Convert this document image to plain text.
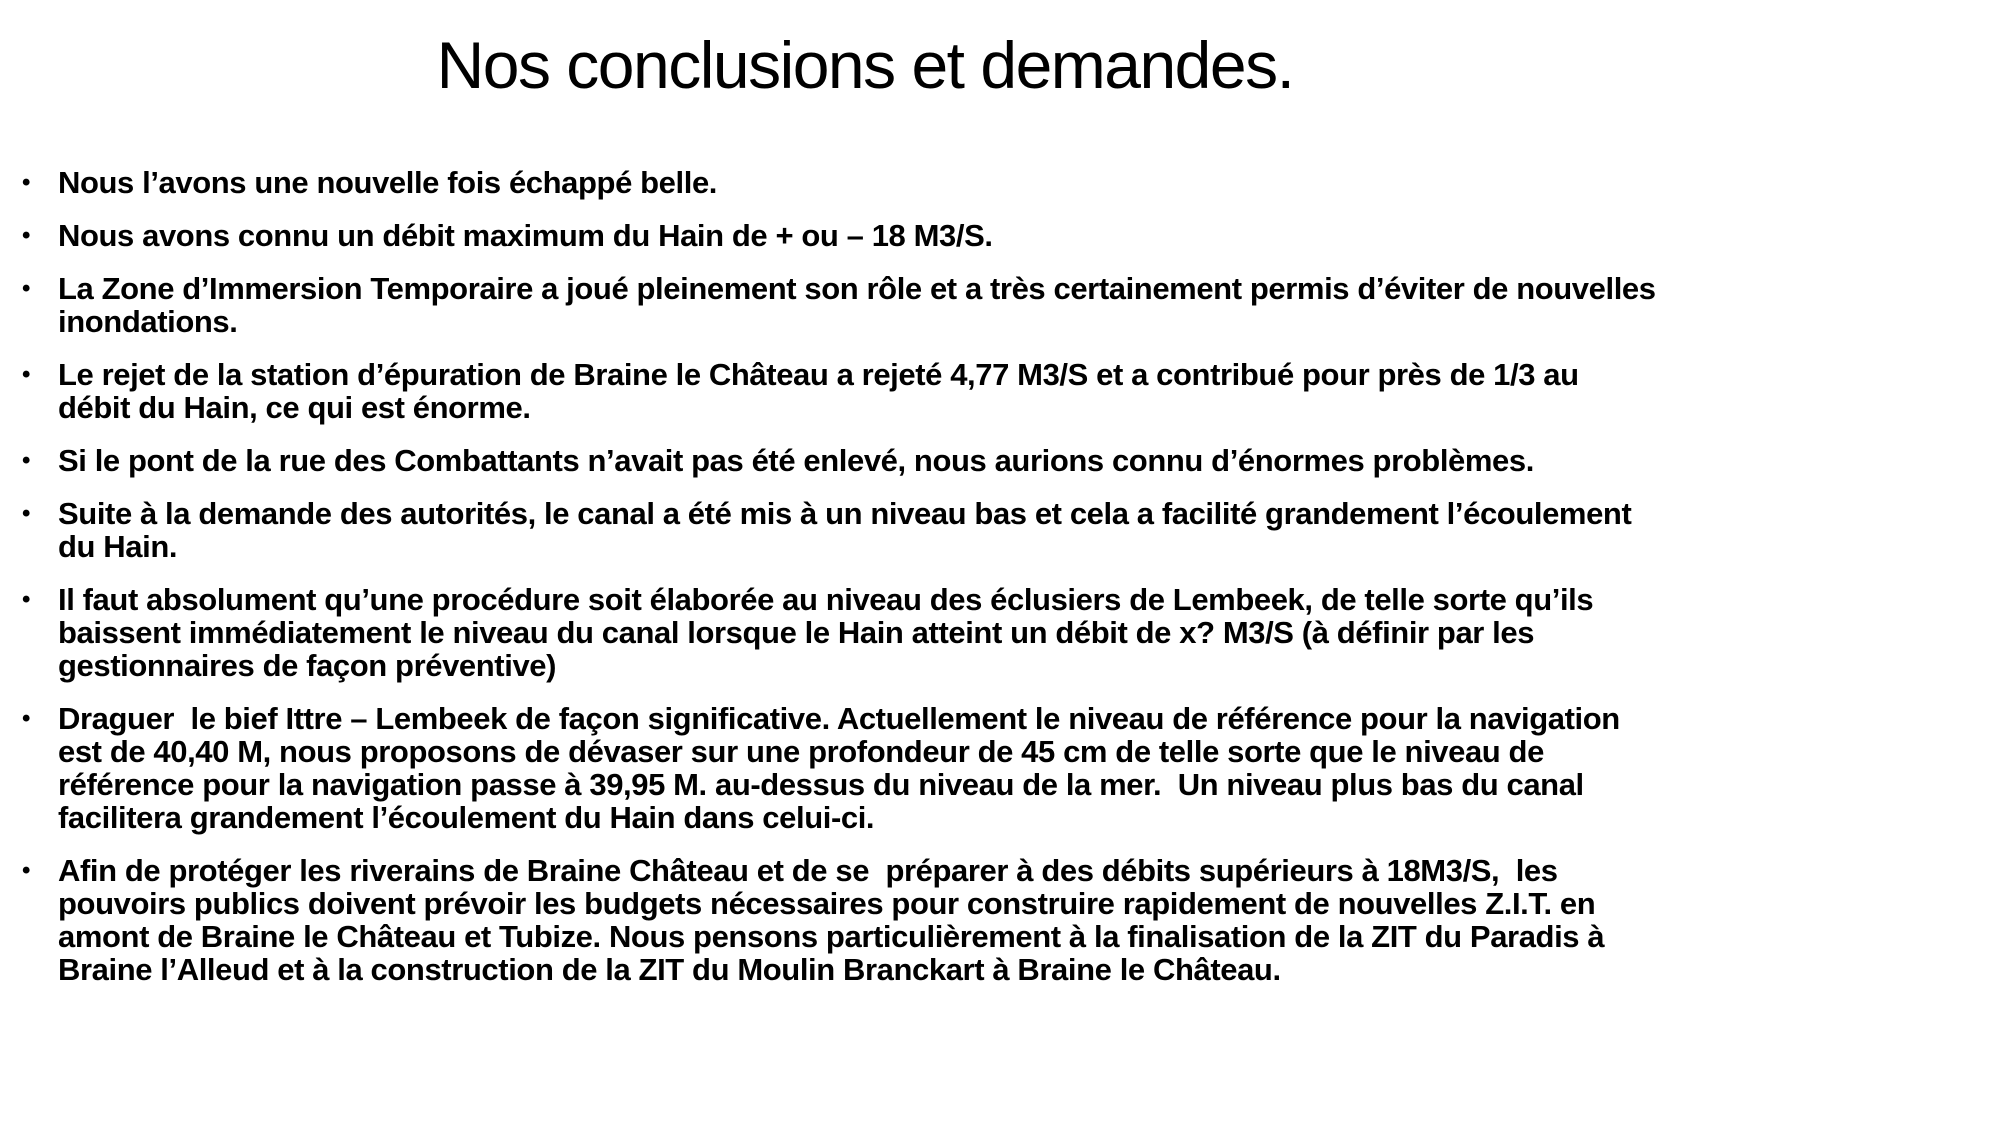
Nos conclusions et demandes.
• Nous l’avons une nouvelle fois échappé belle.
• Nous avons connu un débit maximum du Hain de + ou – 18 M3/S.
• La Zone d’Immersion Temporaire a joué pleinement son rôle et a très certainement permis d’éviter de nouvelles
inondations.
• Le rejet de la station d’épuration de Braine le Château a rejeté 4,77 M3/S et a contribué pour près de 1/3 au
débit du Hain, ce qui est énorme.
• Si le pont de la rue des Combattants n’avait pas été enlevé, nous aurions connu d’énormes problèmes.
• Suite à la demande des autorités, le canal a été mis à un niveau bas et cela a facilité grandement l’écoulement
du Hain.
• Il faut absolument qu’une procédure soit élaborée au niveau des éclusiers de Lembeek, de telle sorte qu’ils
baissent immédiatement le niveau du canal lorsque le Hain atteint un débit de x? M3/S (à définir par les
gestionnaires de façon préventive)
• Draguer  le bief Ittre – Lembeek de façon significative. Actuellement le niveau de référence pour la navigation
est de 40,40 M, nous proposons de dévaser sur une profondeur de 45 cm de telle sorte que le niveau de
référence pour la navigation passe à 39,95 M. au-dessus du niveau de la mer.  Un niveau plus bas du canal
facilitera grandement l’écoulement du Hain dans celui-ci.
• Afin de protéger les riverains de Braine Château et de se  préparer à des débits supérieurs à 18M3/S,  les
pouvoirs publics doivent prévoir les budgets nécessaires pour construire rapidement de nouvelles Z.I.T. en
amont de Braine le Château et Tubize. Nous pensons particulièrement à la finalisation de la ZIT du Paradis à
Braine l’Alleud et à la construction de la ZIT du Moulin Branckart à Braine le Château.
